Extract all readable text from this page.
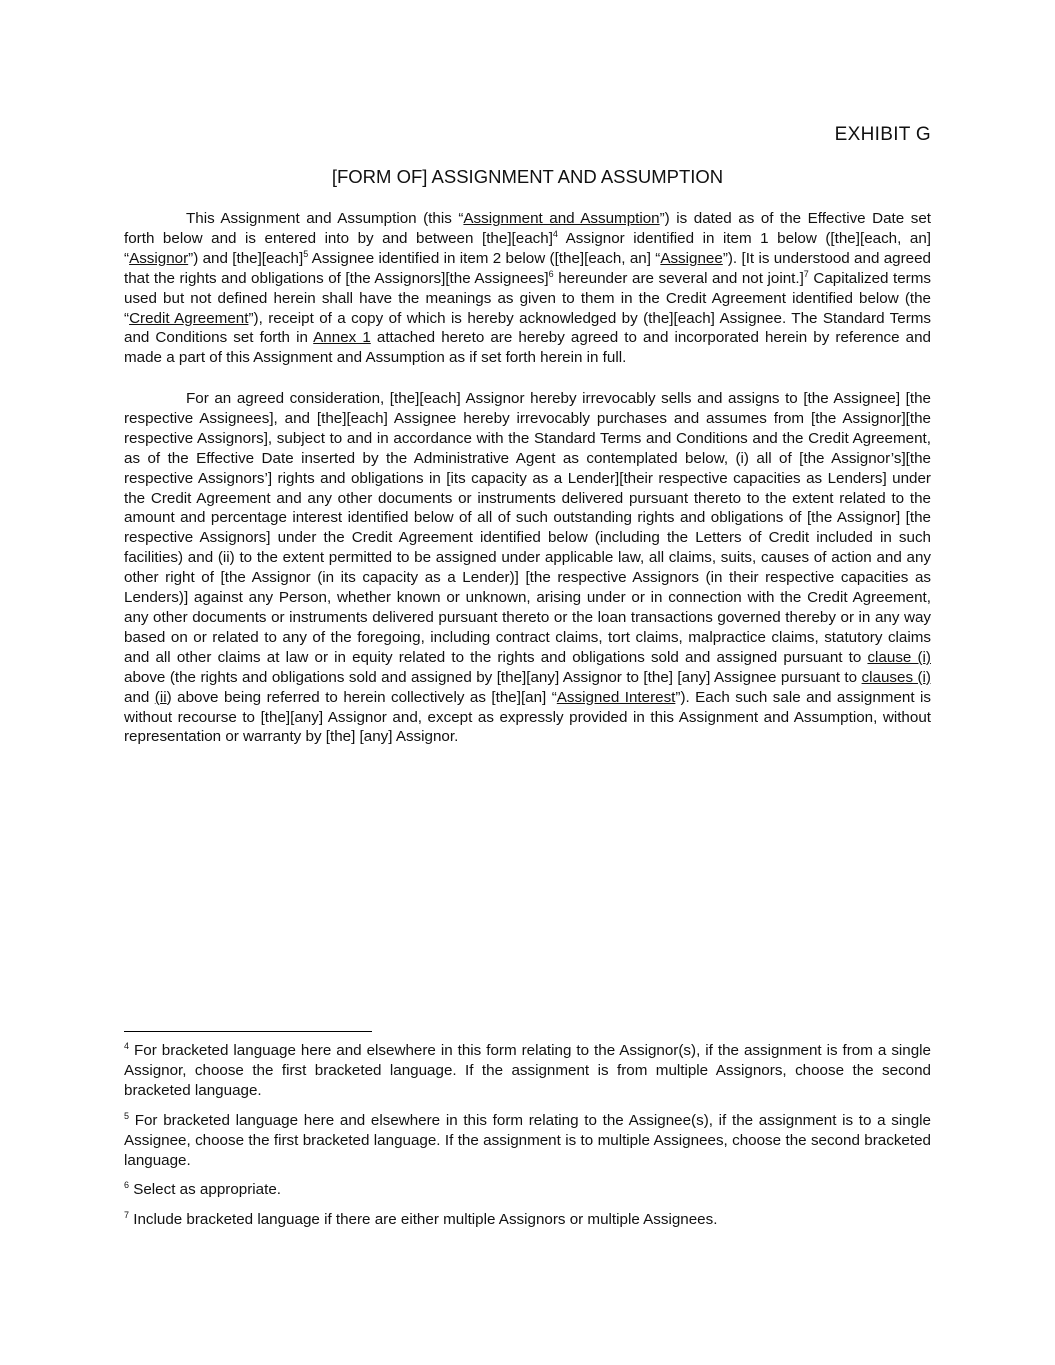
EXHIBIT G
[FORM OF] ASSIGNMENT AND ASSUMPTION

This Assignment and Assumption (this “Assignment and Assumption”) is dated as of the Effective Date set forth below and is entered into by and between [the][each]$^4$ Assignor identified in item 1 below ([the][each, an] “Assignor”) and [the][each]$^5$ Assignee identified in item 2 below ([the][each, an] “Assignee”). [It is understood and agreed that the rights and obligations of [the Assignors][the Assignees]$^6$ hereunder are several and not joint.]$^7$ Capitalized terms used but not defined herein shall have the meanings as given to them in the Credit Agreement identified below (the “Credit Agreement”), receipt of a copy of which is hereby acknowledged by (the][each] Assignee. The Standard Terms and Conditions set forth in Annex 1 attached hereto are hereby agreed to and incorporated herein by reference and made a part of this Assignment and Assumption as if set forth herein in full.

For an agreed consideration, [the][each] Assignor hereby irrevocably sells and assigns to [the Assignee] [the respective Assignees], and [the][each] Assignee hereby irrevocably purchases and assumes from [the Assignor][the respective Assignors], subject to and in accordance with the Standard Terms and Conditions and the Credit Agreement, as of the Effective Date inserted by the Administrative Agent as contemplated below, (i) all of [the Assignor’s][the respective Assignors’] rights and obligations in [its capacity as a Lender][their respective capacities as Lenders] under the Credit Agreement and any other documents or instruments delivered pursuant thereto to the extent related to the amount and percentage interest identified below of all of such outstanding rights and obligations of [the Assignor] [the respective Assignors] under the Credit Agreement identified below (including the Letters of Credit included in such facilities) and (ii) to the extent permitted to be assigned under applicable law, all claims, suits, causes of action and any other right of [the Assignor (in its capacity as a Lender)] [the respective Assignors (in their respective capacities as Lenders)] against any Person, whether known or unknown, arising under or in connection with the Credit Agreement, any other documents or instruments delivered pursuant thereto or the loan transactions governed thereby or in any way based on or related to any of the foregoing, including contract claims, tort claims, malpractice claims, statutory claims and all other claims at law or in equity related to the rights and obligations sold and assigned pursuant to clause (i) above (the rights and obligations sold and assigned by [the][any] Assignor to [the] [any] Assignee pursuant to clauses (i) and (ii) above being referred to herein collectively as [the][an] “Assigned Interest”). Each such sale and assignment is without recourse to [the][any] Assignor and, except as expressly provided in this Assignment and Assumption, without representation or warranty by [the] [any] Assignor.

$^4$ For bracketed language here and elsewhere in this form relating to the Assignor(s), if the assignment is from a single Assignor, choose the first bracketed language. If the assignment is from multiple Assignors, choose the second bracketed language.

$^5$ For bracketed language here and elsewhere in this form relating to the Assignee(s), if the assignment is to a single Assignee, choose the first bracketed language. If the assignment is to multiple Assignees, choose the second bracketed language.

$^6$ Select as appropriate.

$^7$ Include bracketed language if there are either multiple Assignors or multiple Assignees.
